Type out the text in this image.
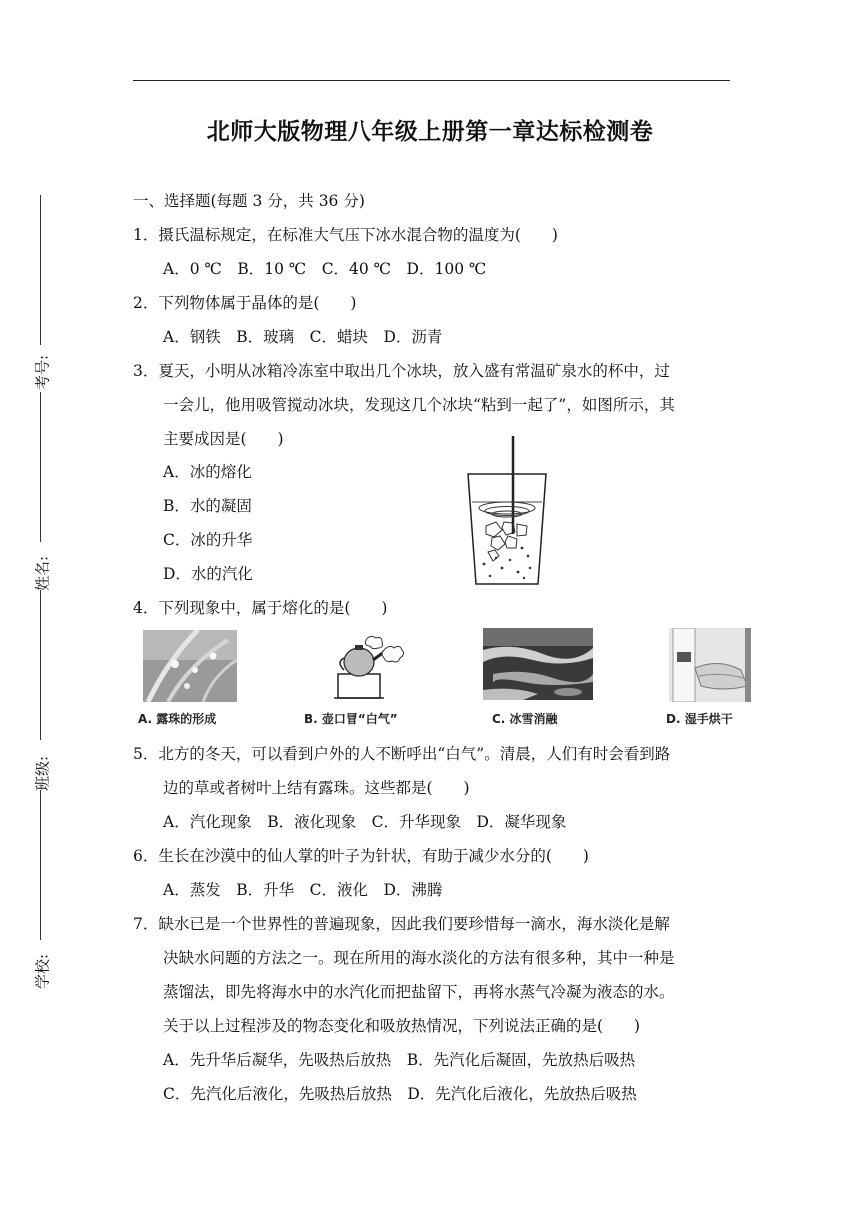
北师大版物理八年级上册第一章达标检测卷
考号:
姓名:
班级:
学校:
一、选择题(每题 3 分，共 36 分)
1．摄氏温标规定，在标准大气压下冰水混合物的温度为(　　)
A．0 ℃　B．10 ℃　C．40 ℃　D．100 ℃
2．下列物体属于晶体的是(　　)
A．钢铁　B．玻璃　C．蜡块　D．沥青
3．夏天，小明从冰箱冷冻室中取出几个冰块，放入盛有常温矿泉水的杯中，过
一会儿，他用吸管搅动冰块，发现这几个冰块“粘到一起了”，如图所示，其
主要成因是(　　)
A．冰的熔化
B．水的凝固
C．冰的升华
D．水的汽化
4．下列现象中，属于熔化的是(　　)
A. 露珠的形成	B. 壶口冒“白气”	C. 冰雪消融	D. 湿手烘干
5．北方的冬天，可以看到户外的人不断呼出“白气”。清晨，人们有时会看到路
边的草或者树叶上结有露珠。这些都是(　　)
A．汽化现象　B．液化现象　C．升华现象　D．凝华现象
6．生长在沙漠中的仙人掌的叶子为针状，有助于减少水分的(　　)
A．蒸发　B．升华　C．液化　D．沸腾
7．缺水已是一个世界性的普遍现象，因此我们要珍惜每一滴水，海水淡化是解
决缺水问题的方法之一。现在所用的海水淡化的方法有很多种，其中一种是
蒸馏法，即先将海水中的水汽化而把盐留下，再将水蒸气冷凝为液态的水。
关于以上过程涉及的物态变化和吸放热情况，下列说法正确的是(　　)
A．先升华后凝华，先吸热后放热　B．先汽化后凝固，先放热后吸热
C．先汽化后液化，先吸热后放热　D．先汽化后液化，先放热后吸热
